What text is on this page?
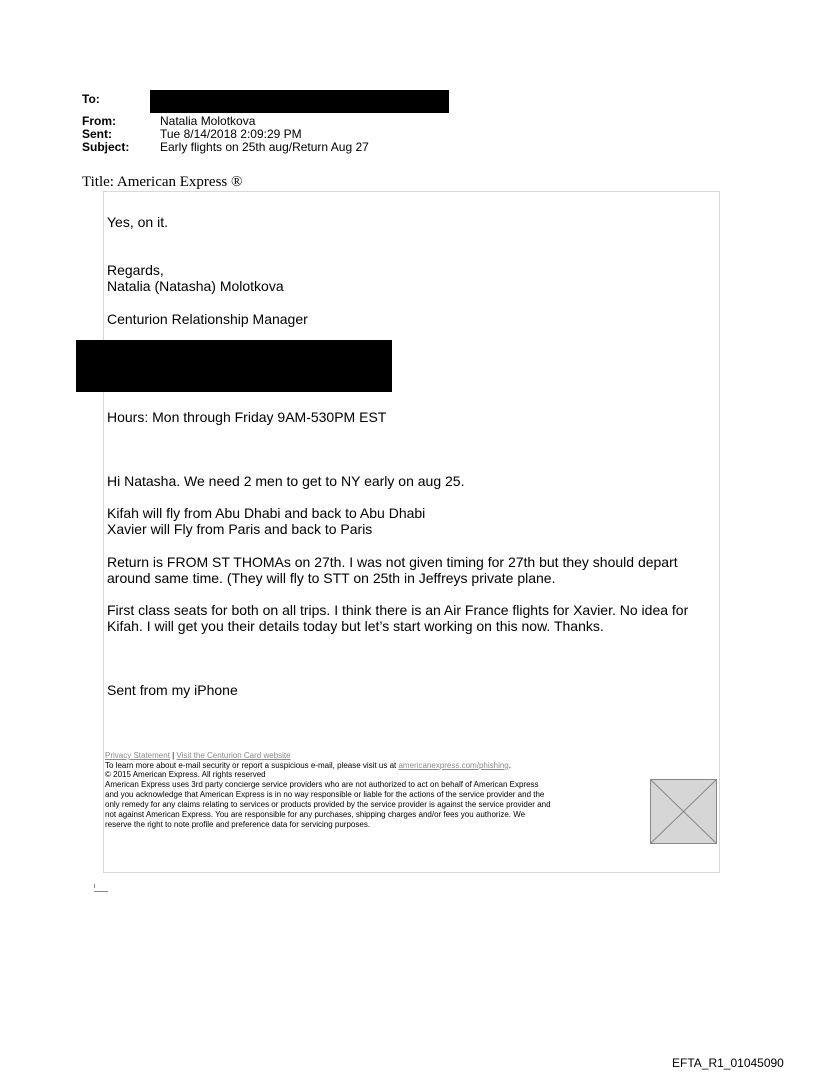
To:
From:	Natalia Molotkova
Sent:	Tue 8/14/2018 2:09:29 PM
Subject:	Early flights on 25th aug/Return Aug 27
Title: American Express ®
Yes, on it.
Regards,
Natalia (Natasha) Molotkova
Centurion Relationship Manager
Hours: Mon through Friday 9AM-530PM EST
Hi Natasha. We need 2 men to get to NY early on aug 25.
Kifah will fly from Abu Dhabi and back to Abu Dhabi
Xavier will Fly from Paris and back to Paris
Return is FROM ST THOMAs on 27th. I was not given timing for 27th but they should depart
around same time. (They will fly to STT on 25th in Jeffreys private plane.
First class seats for both on all trips. I think there is an Air France flights for Xavier. No idea for
Kifah. I will get you their details today but let’s start working on this now. Thanks.
Sent from my iPhone
Privacy Statement | Visit the Centurion Card website
To learn more about e-mail security or report a suspicious e-mail, please visit us at americanexpress.com/phishing.
© 2015 American Express. All rights reserved
American Express uses 3rd party concierge service providers who are not authorized to act on behalf of American Express
and you acknowledge that American Express is in no way responsible or liable for the actions of the service provider and the
only remedy for any claims relating to services or products provided by the service provider is against the service provider and
not against American Express. You are responsible for any purchases, shipping charges and/or fees you authorize. We
reserve the right to note profile and preference data for servicing purposes.
EFTA_R1_01045090
